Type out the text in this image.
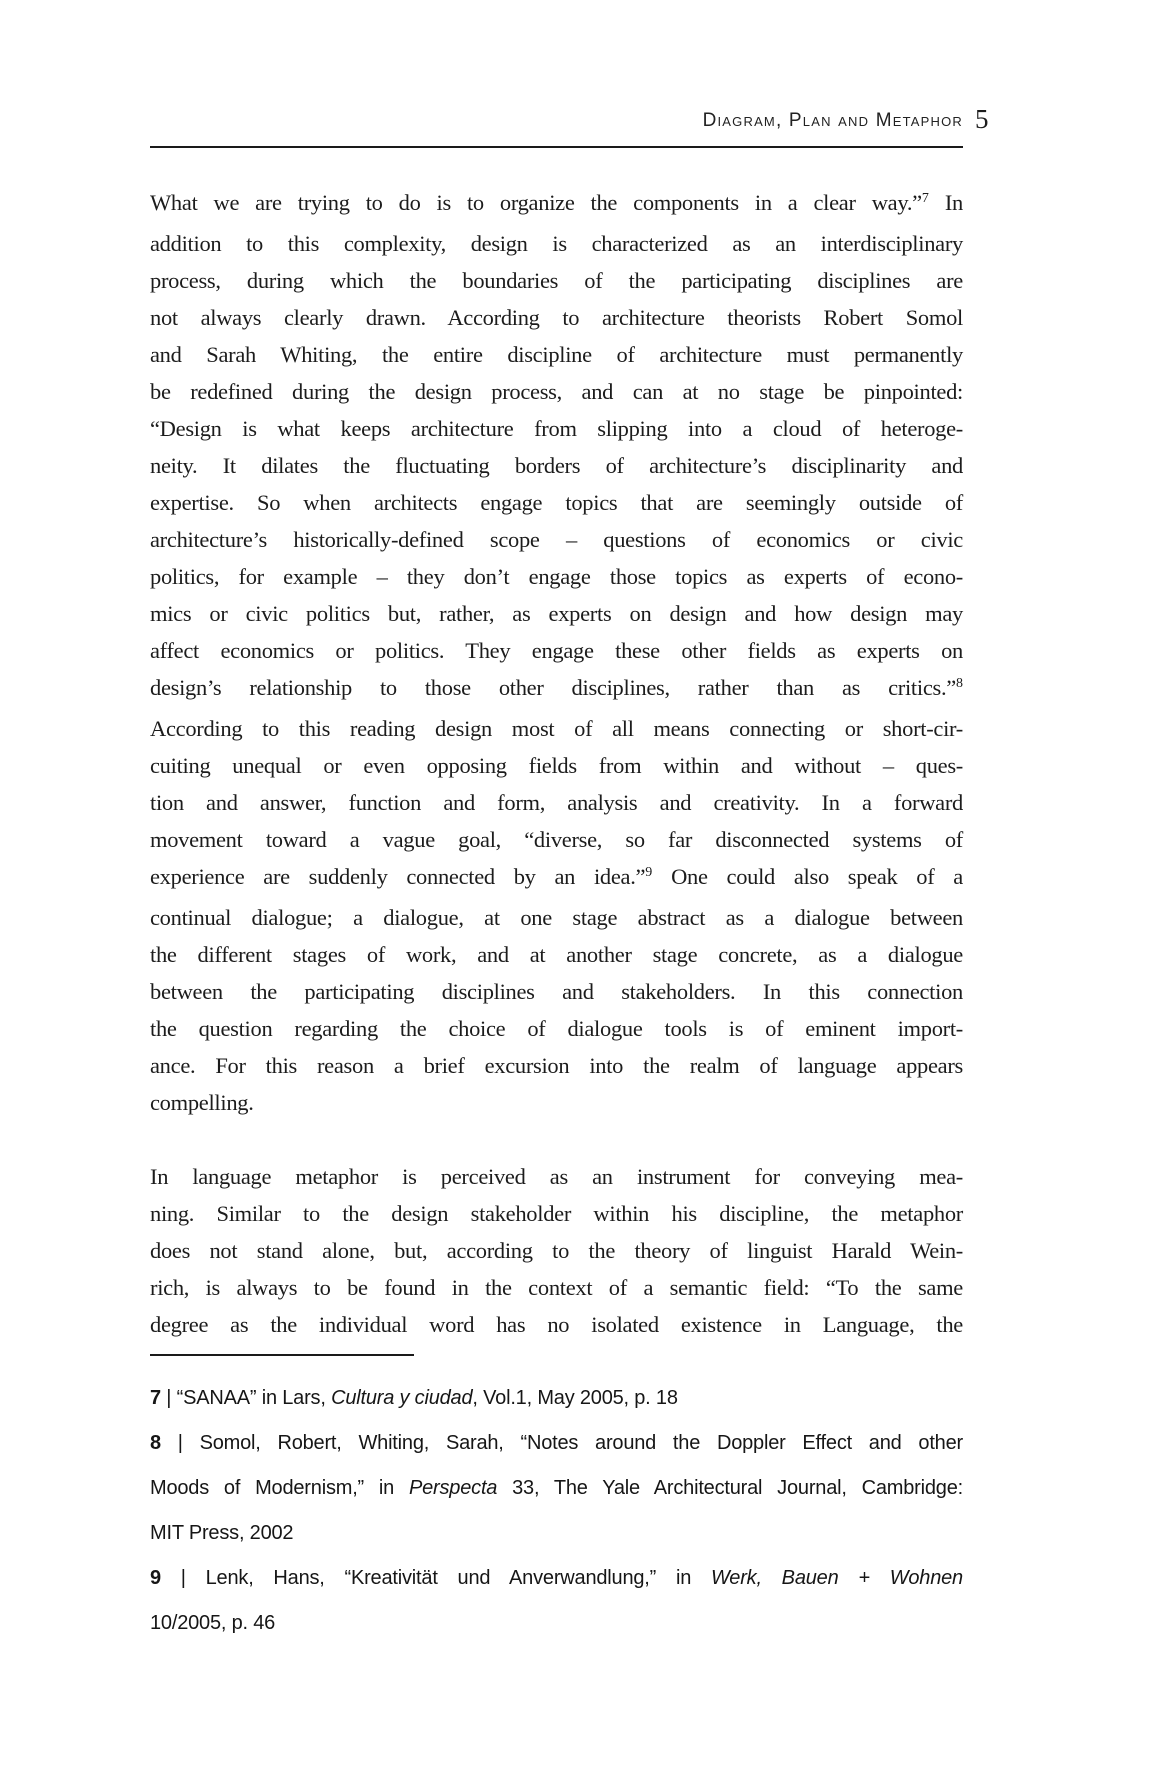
Diagram, Plan and Metaphor 5
What we are trying to do is to organize the components in a clear way.”$^7$ In
addition to this complexity, design is characterized as an interdisciplinary
process, during which the boundaries of the participating disciplines are
not always clearly drawn. According to architecture theorists Robert Somol
and Sarah Whiting, the entire discipline of architecture must permanently
be redefined during the design process, and can at no stage be pinpointed:
“Design is what keeps architecture from slipping into a cloud of heteroge-
neity. It dilates the fluctuating borders of architecture’s disciplinarity and
expertise. So when architects engage topics that are seemingly outside of
architecture’s historically-defined scope – questions of economics or civic
politics, for example – they don’t engage those topics as experts of econo-
mics or civic politics but, rather, as experts on design and how design may
affect economics or politics. They engage these other fields as experts on
design’s relationship to those other disciplines, rather than as critics.”$^8$
According to this reading design most of all means connecting or short-cir-
cuiting unequal or even opposing fields from within and without – ques-
tion and answer, function and form, analysis and creativity. In a forward
movement toward a vague goal, “diverse, so far disconnected systems of
experience are suddenly connected by an idea.”$^9$ One could also speak of a
continual dialogue; a dialogue, at one stage abstract as a dialogue between
the different stages of work, and at another stage concrete, as a dialogue
between the participating disciplines and stakeholders. In this connection
the question regarding the choice of dialogue tools is of eminent import-
ance. For this reason a brief excursion into the realm of language appears
compelling.
In language metaphor is perceived as an instrument for conveying mea-
ning. Similar to the design stakeholder within his discipline, the metaphor
does not stand alone, but, according to the theory of linguist Harald Wein-
rich, is always to be found in the context of a semantic field: “To the same
degree as the individual word has no isolated existence in Language, the
7 | “SANAA” in Lars, Cultura y ciudad, Vol.1, May 2005, p. 18
8 | Somol, Robert, Whiting, Sarah, “Notes around the Doppler Effect and other
Moods of Modernism,” in Perspecta 33, The Yale Architectural Journal, Cambridge:
MIT Press, 2002
9 | Lenk, Hans, “Kreativität und Anverwandlung,” in Werk, Bauen + Wohnen
10/2005, p. 46
